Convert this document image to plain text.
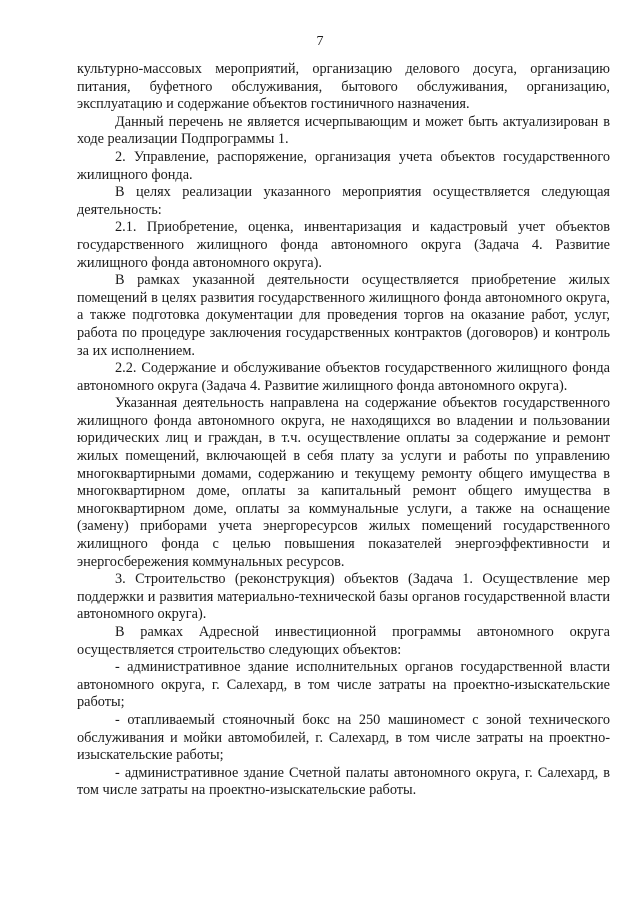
7

культурно-массовых мероприятий, организацию делового досуга, организацию питания, буфетного обслуживания, бытового обслуживания, организацию, эксплуатацию и содержание объектов гостиничного назначения.

Данный перечень не является исчерпывающим и может быть актуализирован в ходе реализации Подпрограммы 1.

2. Управление, распоряжение, организация учета объектов государственного жилищного фонда.

В целях реализации указанного мероприятия осуществляется следующая деятельность:

2.1. Приобретение, оценка, инвентаризация и кадастровый учет объектов государственного жилищного фонда автономного округа (Задача 4. Развитие жилищного фонда автономного округа).

В рамках указанной деятельности осуществляется приобретение жилых помещений в целях развития государственного жилищного фонда автономного округа, а также подготовка документации для проведения торгов на оказание работ, услуг, работа по процедуре заключения государственных контрактов (договоров) и контроль за их исполнением.

2.2. Содержание и обслуживание объектов государственного жилищного фонда автономного округа (Задача 4. Развитие жилищного фонда автономного округа).

Указанная деятельность направлена на содержание объектов государственного жилищного фонда автономного округа, не находящихся во владении и пользовании юридических лиц и граждан, в т.ч. осуществление оплаты за содержание и ремонт жилых помещений, включающей в себя плату за услуги и работы по управлению многоквартирными домами, содержанию и текущему ремонту общего имущества в многоквартирном доме, оплаты за капитальный ремонт общего имущества в многоквартирном доме, оплаты за коммунальные услуги, а также на оснащение (замену) приборами учета энергоресурсов жилых помещений государственного жилищного фонда с целью повышения показателей энергоэффективности и энергосбережения коммунальных ресурсов.

3. Строительство (реконструкция) объектов (Задача 1. Осуществление мер поддержки и развития материально-технической базы органов государственной власти автономного округа).

В рамках Адресной инвестиционной программы автономного округа осуществляется строительство следующих объектов:

- административное здание исполнительных органов государственной власти автономного округа, г. Салехард, в том числе затраты на проектно-изыскательские работы;

- отапливаемый стояночный бокс на 250 машиномест с зоной технического обслуживания и мойки автомобилей, г. Салехард, в том числе затраты на проектно-изыскательские работы;

- административное здание Счетной палаты автономного округа, г. Салехард, в том числе затраты на проектно-изыскательские работы.
